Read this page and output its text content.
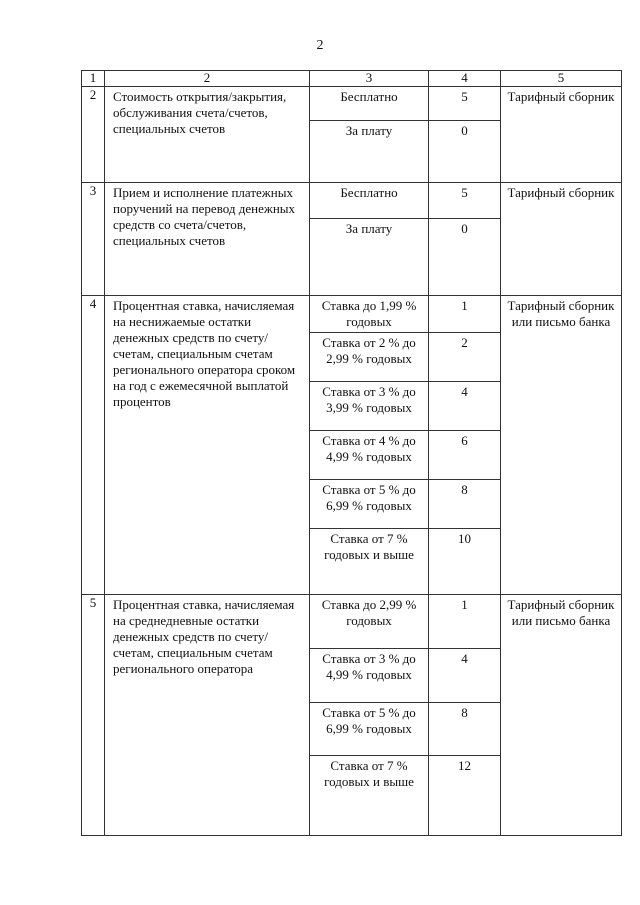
2
1	2	3	4	5
2	Стоимость открытия/закрытия, обслуживания счета/счетов, специальных счетов	Бесплатно	5	Тарифный сборник
		За плату	0	
3	Прием и исполнение платежных поручений на перевод денежных средств со счета/счетов, специальных счетов	Бесплатно	5	Тарифный сборник
		За плату	0	
4	Процентная ставка, начисляемая на неснижаемые остатки денежных средств по счету/счетам, специальным счетам регионального оператора сроком на год с ежемесячной выплатой процентов	Ставка до 1,99 % годовых	1	Тарифный сборник или письмо банка
		Ставка от 2 % до 2,99 % годовых	2	
		Ставка от 3 % до 3,99 % годовых	4	
		Ставка от 4 % до 4,99 % годовых	6	
		Ставка от 5 % до 6,99 % годовых	8	
		Ставка от 7 % годовых и выше	10	
5	Процентная ставка, начисляемая на среднедневные остатки денежных средств по счету/счетам, специальным счетам регионального оператора	Ставка до 2,99 % годовых	1	Тарифный сборник или письмо банка
		Ставка от 3 % до 4,99 % годовых	4	
		Ставка от 5 % до 6,99 % годовых	8	
		Ставка от 7 % годовых и выше	12	
